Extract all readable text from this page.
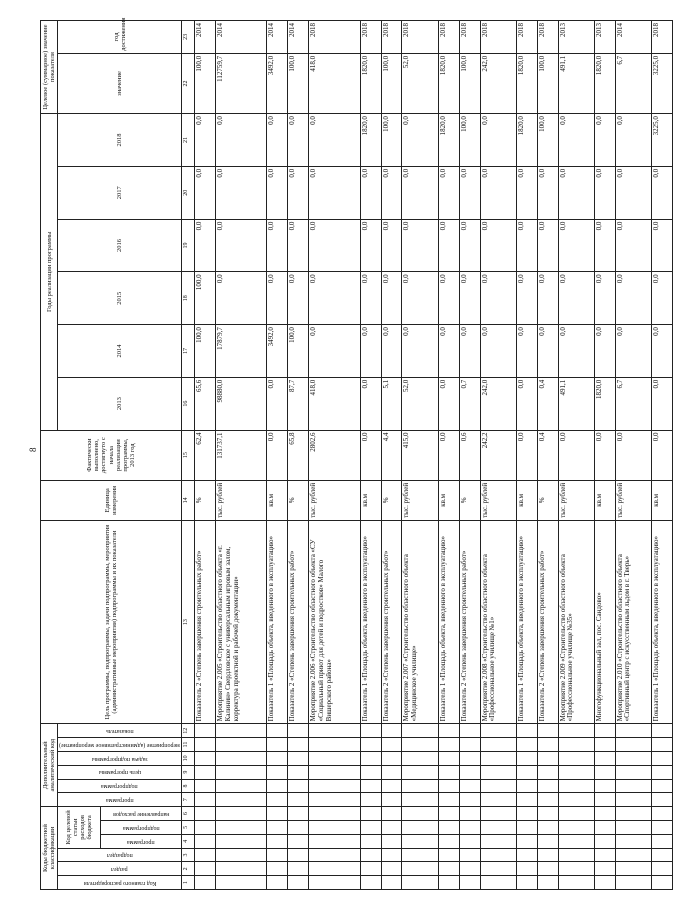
8
Коды бюджетной классификации						Дополнительный аналитический код						Цель программы, подпрограммы, задачи подпрограммы, мероприятия (административные мероприятия) подпрограммы и их показатели	Единица измерения	Фактически выполнено, достигнуто с начала реализации программы, 2013 год	Годы реализации программы						Целевое (суммарное) значение показателя	

Код главного распорядителя	раздел	подраздел	Код целевой статьи расходов бюджета			программа	подпрограмма	цель программы	задача подпрограммы	мероприятие (административное мероприятие)	показатель				2013	2014	2015	2016	2017	2018	значение	год достижения

			программа	подпрограмма	направление расходов																	

1	2	3	4	5	6	7	8	9	10	11	12	13	14	15	16	17	18	19	20	21	22	23
												Показатель 2 «Степень завершения строительных работ»	%	62,4	65,6	100,0	100,0	0,0	0,0	0,0	100,0	2014
												Мероприятие 2.005 «Строительство областного объекта «г. Калинин» Свердловское с универсальным игровым залом, корректура проектной и рабочей документации»	тыс. рублей	131737,1	98880,0	17879,7	0,0	0,0	0,0	0,0	112759,7	2014
												Показатель 1 «Площадь объекта, введенного в эксплуатацию»	кв.м	0,0	0,0	3492,0	0,0	0,0	0,0	0,0	3492,0	2014
												Показатель 2 «Степень завершения строительных работ»	%	65,8	87,7	100,0	0,0	0,0	0,0	0,0	100,0	2014
												Мероприятие 2.006 «Строительство областного объекта «СУ «Социальный приют для детей и подростков» Малого Вишерского района»	тыс. рублей	2802,6	418,0	0,0	0,0	0,0	0,0	0,0	418,0	2018
												Показатель 1 «Площадь объекта, введенного в эксплуатацию»	кв.м	0,0	0,0	0,0	0,0	0,0	0,0	1820,0	1820,0	2018
												Показатель 2 «Степень завершения строительных работ»	%	4,4	5,1	0,0	0,0	0,0	0,0	100,0	100,0	2018
												Мероприятие 2.007 «Строительство областного объекта «Медицинское училище»	тыс. рублей	415,0	52,0	0,0	0,0	0,0	0,0	0,0	52,0	2018
												Показатель 1 «Площадь объекта, введенного в эксплуатацию»	кв.м	0,0	0,0	0,0	0,0	0,0	0,0	1820,0	1820,0	2018
												Показатель 2 «Степень завершения строительных работ»	%	0,6	0,7	0,0	0,0	0,0	0,0	100,0	100,0	2018
												Мероприятие 2.008 «Строительство областного объекта «Профессиональное училище №1»	тыс. рублей	242,2	242,0	0,0	0,0	0,0	0,0	0,0	242,0	2018
												Показатель 1 «Площадь объекта, введенного в эксплуатацию»	кв.м	0,0	0,0	0,0	0,0	0,0	0,0	1820,0	1820,0	2018
												Показатель 2 «Степень завершения строительных работ»	%	0,4	0,4	0,0	0,0	0,0	0,0	100,0	100,0	2018
												Мероприятие 2.009 «Строительство областного объекта «Профессиональное училище №35»	тыс. рублей	0,0	491,1	0,0	0,0	0,0	0,0	0,0	491,1	2013
												Многофункциональный зал, пос. Сандово»	кв.м	0,0	1820,0	0,0	0,0	0,0	0,0	0,0	1820,0	2013
												Мероприятие 2.010 «Строительство областного объекта «Спортивный центр с искусственным льдом в г. Тверь»	тыс. рублей	0,0	6,7	0,0	0,0	0,0	0,0	0,0	6,7	2014
												Показатель 1 «Площадь объекта, введенного в эксплуатацию»	кв.м	0,0	0,0	0,0	0,0	0,0	0,0	3225,0	3225,0	2018
